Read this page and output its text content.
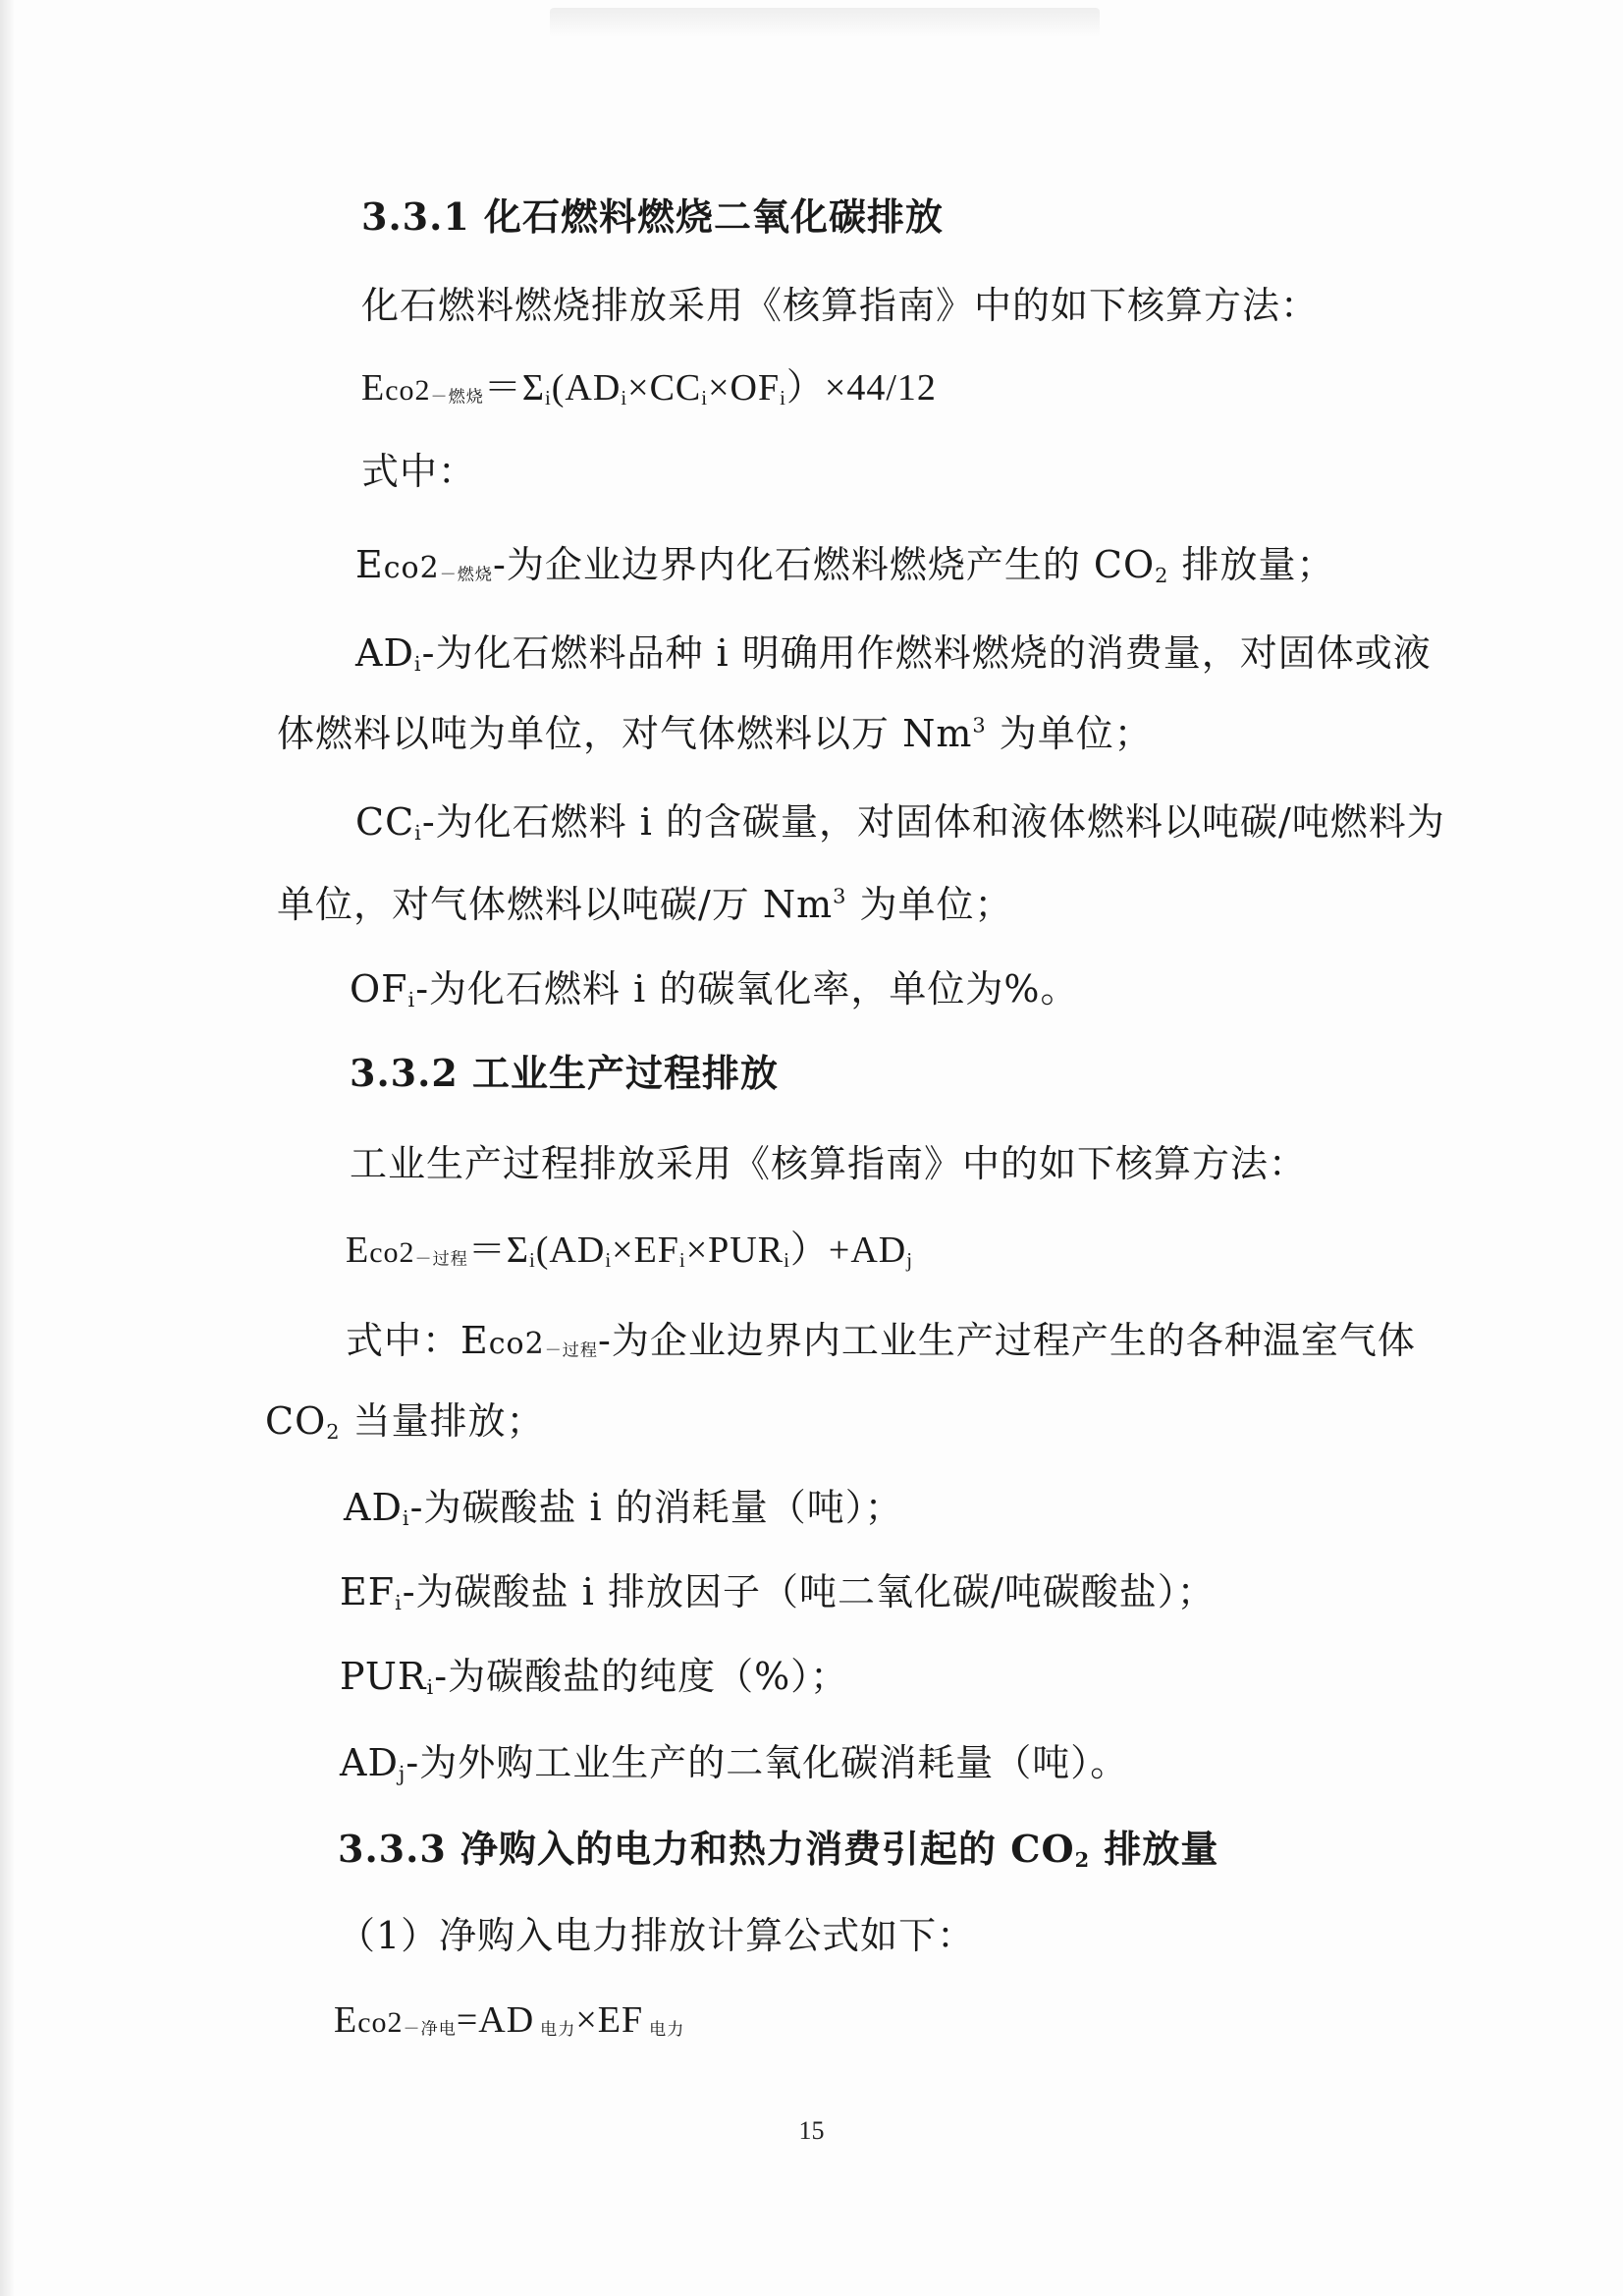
3.3.1 化石燃料燃烧二氧化碳排放
化石燃料燃烧排放采用《核算指南》中的如下核算方法：
Eco2－燃烧$=\Sigma_i(AD_i\times CC_i\times OF_i)\times 44/12$
式中：
Eco2－燃烧-为企业边界内化石燃料燃烧产生的 $CO_2$ 排放量；
$AD_i-$为化石燃料品种 i 明确用作燃料燃烧的消费量，对固体或液
体燃料以吨为单位，对气体燃料以万 Nm$^3$ 为单位；
$CC_i-$为化石燃料 i 的含碳量，对固体和液体燃料以吨碳/吨燃料为
单位，对气体燃料以吨碳/万 Nm$^3$ 为单位；
$OF_i-$为化石燃料 i 的碳氧化率，单位为%。
3.3.2 工业生产过程排放
工业生产过程排放采用《核算指南》中的如下核算方法：
Eco2－过程$=\Sigma_i(AD_i\times EF_i\times PUR_i)+AD_j$
式中：Eco2－过程-为企业边界内工业生产过程产生的各种温室气体
$CO_2$ 当量排放；
$AD_i-$为碳酸盐 i 的消耗量（吨）；
$EF_i-$为碳酸盐 i 排放因子（吨二氧化碳/吨碳酸盐）；
$PUR_i-$为碳酸盐的纯度（%）；
$AD_j-$为外购工业生产的二氧化碳消耗量（吨）。
3.3.3 净购入的电力和热力消费引起的 $CO_2$ 排放量
（1）净购入电力排放计算公式如下：
Eco2－净电=AD 电力×EF 电力
15
